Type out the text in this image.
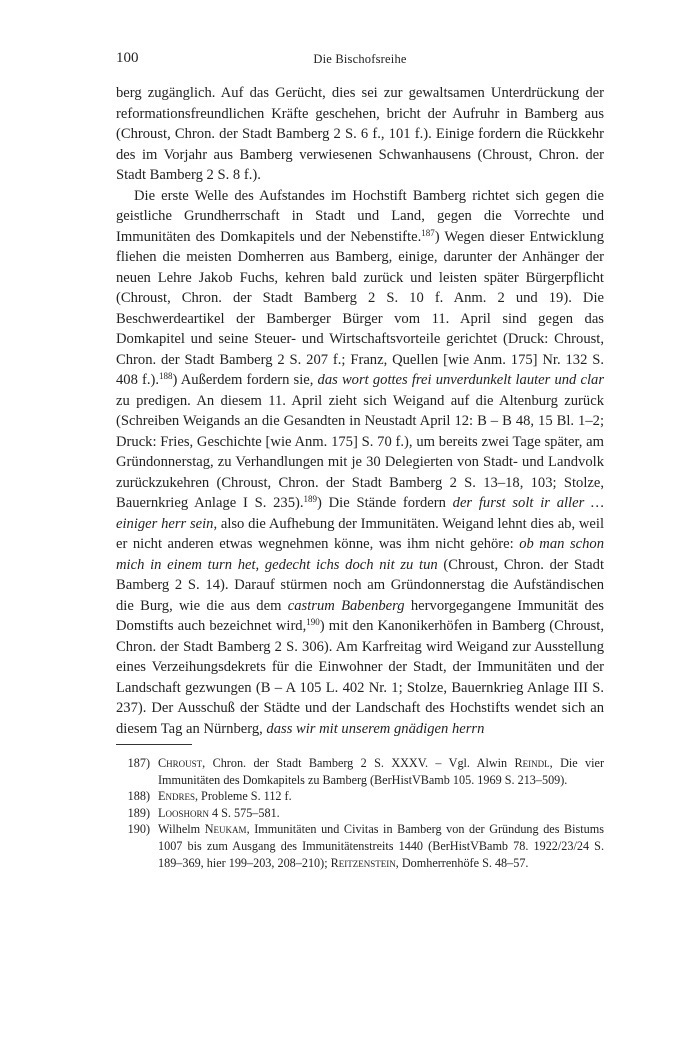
100	Die Bischofsreihe

berg zugänglich. Auf das Gerücht, dies sei zur gewaltsamen Unterdrückung der reformationsfreundlichen Kräfte geschehen, bricht der Aufruhr in Bamberg aus (Chroust, Chron. der Stadt Bamberg 2 S. 6 f., 101 f.). Einige fordern die Rückkehr des im Vorjahr aus Bamberg verwiesenen Schwanhausens (Chroust, Chron. der Stadt Bamberg 2 S. 8 f.).

Die erste Welle des Aufstandes im Hochstift Bamberg richtet sich gegen die geistliche Grundherrschaft in Stadt und Land, gegen die Vorrechte und Immunitäten des Domkapitels und der Nebenstifte.$^{187}$) Wegen dieser Entwicklung fliehen die meisten Domherren aus Bamberg, einige, darunter der Anhänger der neuen Lehre Jakob Fuchs, kehren bald zurück und leisten später Bürgerpflicht (Chroust, Chron. der Stadt Bamberg 2 S. 10 f. Anm. 2 und 19). Die Beschwerdeartikel der Bamberger Bürger vom 11. April sind gegen das Domkapitel und seine Steuer- und Wirtschaftsvorteile gerichtet (Druck: Chroust, Chron. der Stadt Bamberg 2 S. 207 f.; Franz, Quellen [wie Anm. 175] Nr. 132 S. 408 f.).$^{188}$) Außerdem fordern sie, das wort gottes frei unverdunkelt lauter und clar zu predigen. An diesem 11. April zieht sich Weigand auf die Altenburg zurück (Schreiben Weigands an die Gesandten in Neustadt April 12: B – B 48, 15 Bl. 1–2; Druck: Fries, Geschichte [wie Anm. 175] S. 70 f.), um bereits zwei Tage später, am Gründonnerstag, zu Verhandlungen mit je 30 Delegierten von Stadt- und Landvolk zurückzukehren (Chroust, Chron. der Stadt Bamberg 2 S. 13–18, 103; Stolze, Bauernkrieg Anlage I S. 235).$^{189}$) Die Stände fordern der furst solt ir aller … einiger herr sein, also die Aufhebung der Immunitäten. Weigand lehnt dies ab, weil er nicht anderen etwas wegnehmen könne, was ihm nicht gehöre: ob man schon mich in einem turn het, gedecht ichs doch nit zu tun (Chroust, Chron. der Stadt Bamberg 2 S. 14). Darauf stürmen noch am Gründonnerstag die Aufständischen die Burg, wie die aus dem castrum Babenberg hervorgegangene Immunität des Domstifts auch bezeichnet wird,$^{190}$) mit den Kanonikerhöfen in Bamberg (Chroust, Chron. der Stadt Bamberg 2 S. 306). Am Karfreitag wird Weigand zur Ausstellung eines Verzeihungsdekrets für die Einwohner der Stadt, der Immunitäten und der Landschaft gezwungen (B – A 105 L. 402 Nr. 1; Stolze, Bauernkrieg Anlage III S. 237). Der Ausschuß der Städte und der Landschaft des Hochstifts wendet sich an diesem Tag an Nürnberg, dass wir mit unserem gnädigen herrn

187) Chroust, Chron. der Stadt Bamberg 2 S. XXXV. – Vgl. Alwin Reindl, Die vier Immunitäten des Domkapitels zu Bamberg (BerHistVBamb 105. 1969 S. 213–509).
188) Endres, Probleme S. 112 f.
189) Looshorn 4 S. 575–581.
190) Wilhelm Neukam, Immunitäten und Civitas in Bamberg von der Gründung des Bistums 1007 bis zum Ausgang des Immunitätenstreits 1440 (BerHistVBamb 78. 1922/23/24 S. 189–369, hier 199–203, 208–210); Reitzenstein, Domherrenhöfe S. 48–57.
